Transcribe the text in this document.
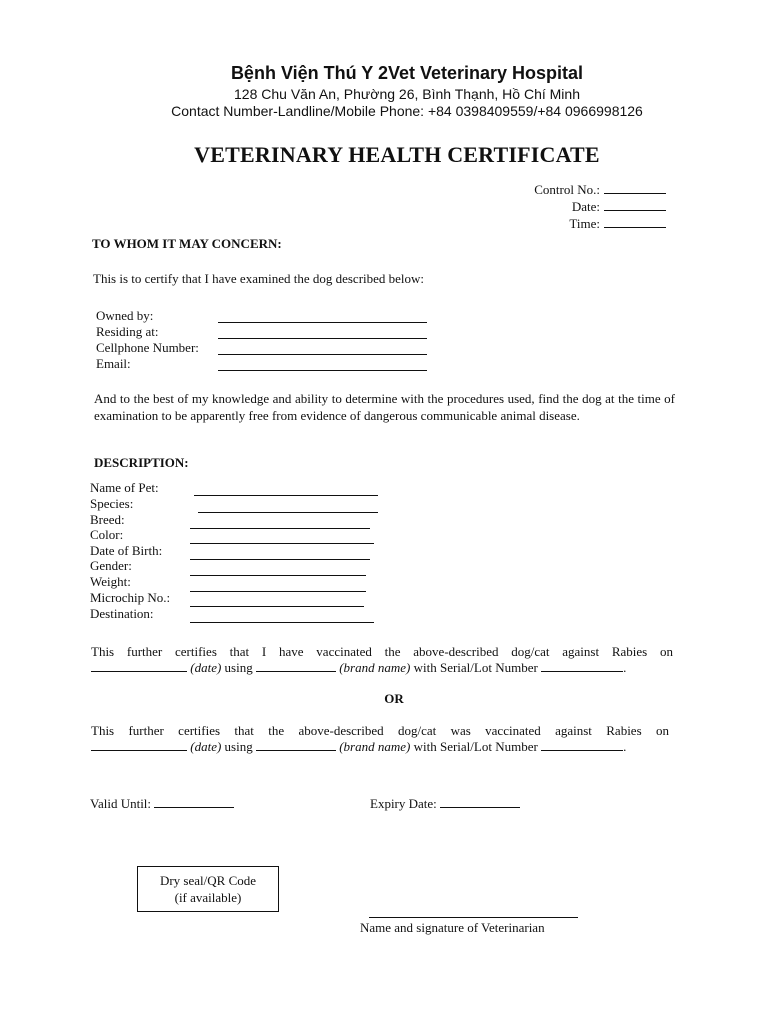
Bệnh Viện Thú Y 2Vet Veterinary Hospital
128 Chu Văn An, Phường 26, Bình Thạnh, Hồ Chí Minh
Contact Number-Landline/Mobile Phone: +84 0398409559/+84 0966998126
VETERINARY HEALTH CERTIFICATE
Control No.:
Date:
Time:
TO WHOM IT MAY CONCERN:
This is to certify that I have examined the dog described below:
Owned by:
Residing at:
Cellphone Number:
Email:
And to the best of my knowledge and ability to determine with the procedures used, find the dog at the time of examination to be apparently free from evidence of dangerous communicable animal disease.
DESCRIPTION:
Name of Pet:
Species:
Breed:
Color:
Date of Birth:
Gender:
Weight:
Microchip No.:
Destination:
This further certifies that I have vaccinated the above-described dog/cat against Rabies on
(date) using	(brand name) with Serial/Lot Number	.
OR
This further certifies that the above-described dog/cat was vaccinated against Rabies on
(date) using	(brand name) with Serial/Lot Number	.
Valid Until:	Expiry Date:
Dry seal/QR Code
(if available)
Name and signature of Veterinarian
